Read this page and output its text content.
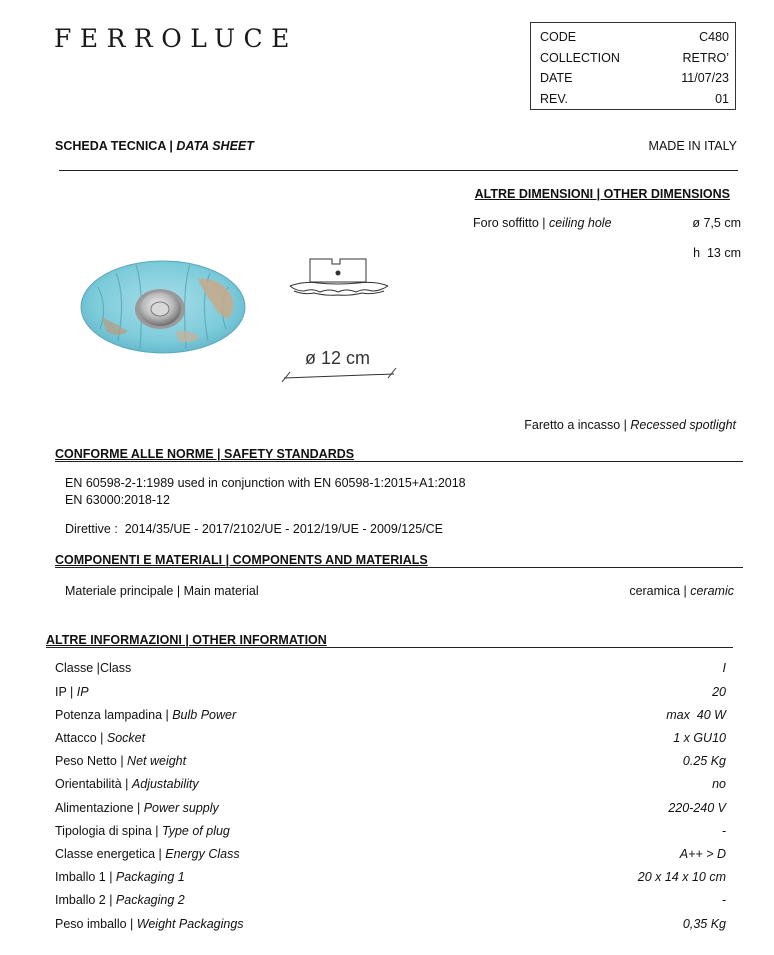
FERROLUCE	CODE	C480
COLLECTION	RETRO’
DATE	11/07/23
REV.	01
SCHEDA TECNICA | DATA SHEET	MADE IN ITALY
ALTRE DIMENSIONI | OTHER DIMENSIONS
Foro soffitto | ceiling hole	ø 7,5 cm
h  13 cm
ø 12 cm
Faretto a incasso | Recessed spotlight
CONFORME ALLE NORME | SAFETY STANDARDS
EN 60598-2-1:1989 used in conjunction with EN 60598-1:2015+A1:2018
EN 63000:2018-12
Direttive :  2014/35/UE - 2017/2102/UE - 2012/19/UE - 2009/125/CE
COMPONENTI E MATERIALI | COMPONENTS AND MATERIALS
Materiale principale | Main material	ceramica | ceramic
ALTRE INFORMAZIONI | OTHER INFORMATION
Classe |Class	I
IP | IP	20
Potenza lampadina | Bulb Power	max  40 W
Attacco | Socket	1 x GU10
Peso Netto | Net weight	0.25 Kg
Orientabilità | Adjustability	no
Alimentazione | Power supply	220-240 V
Tipologia di spina | Type of plug	-
Classe energetica | Energy Class	A++ > D
Imballo 1 | Packaging 1	20 x 14 x 10 cm
Imballo 2 | Packaging 2	-
Peso imballo | Weight Packagings	0,35 Kg
